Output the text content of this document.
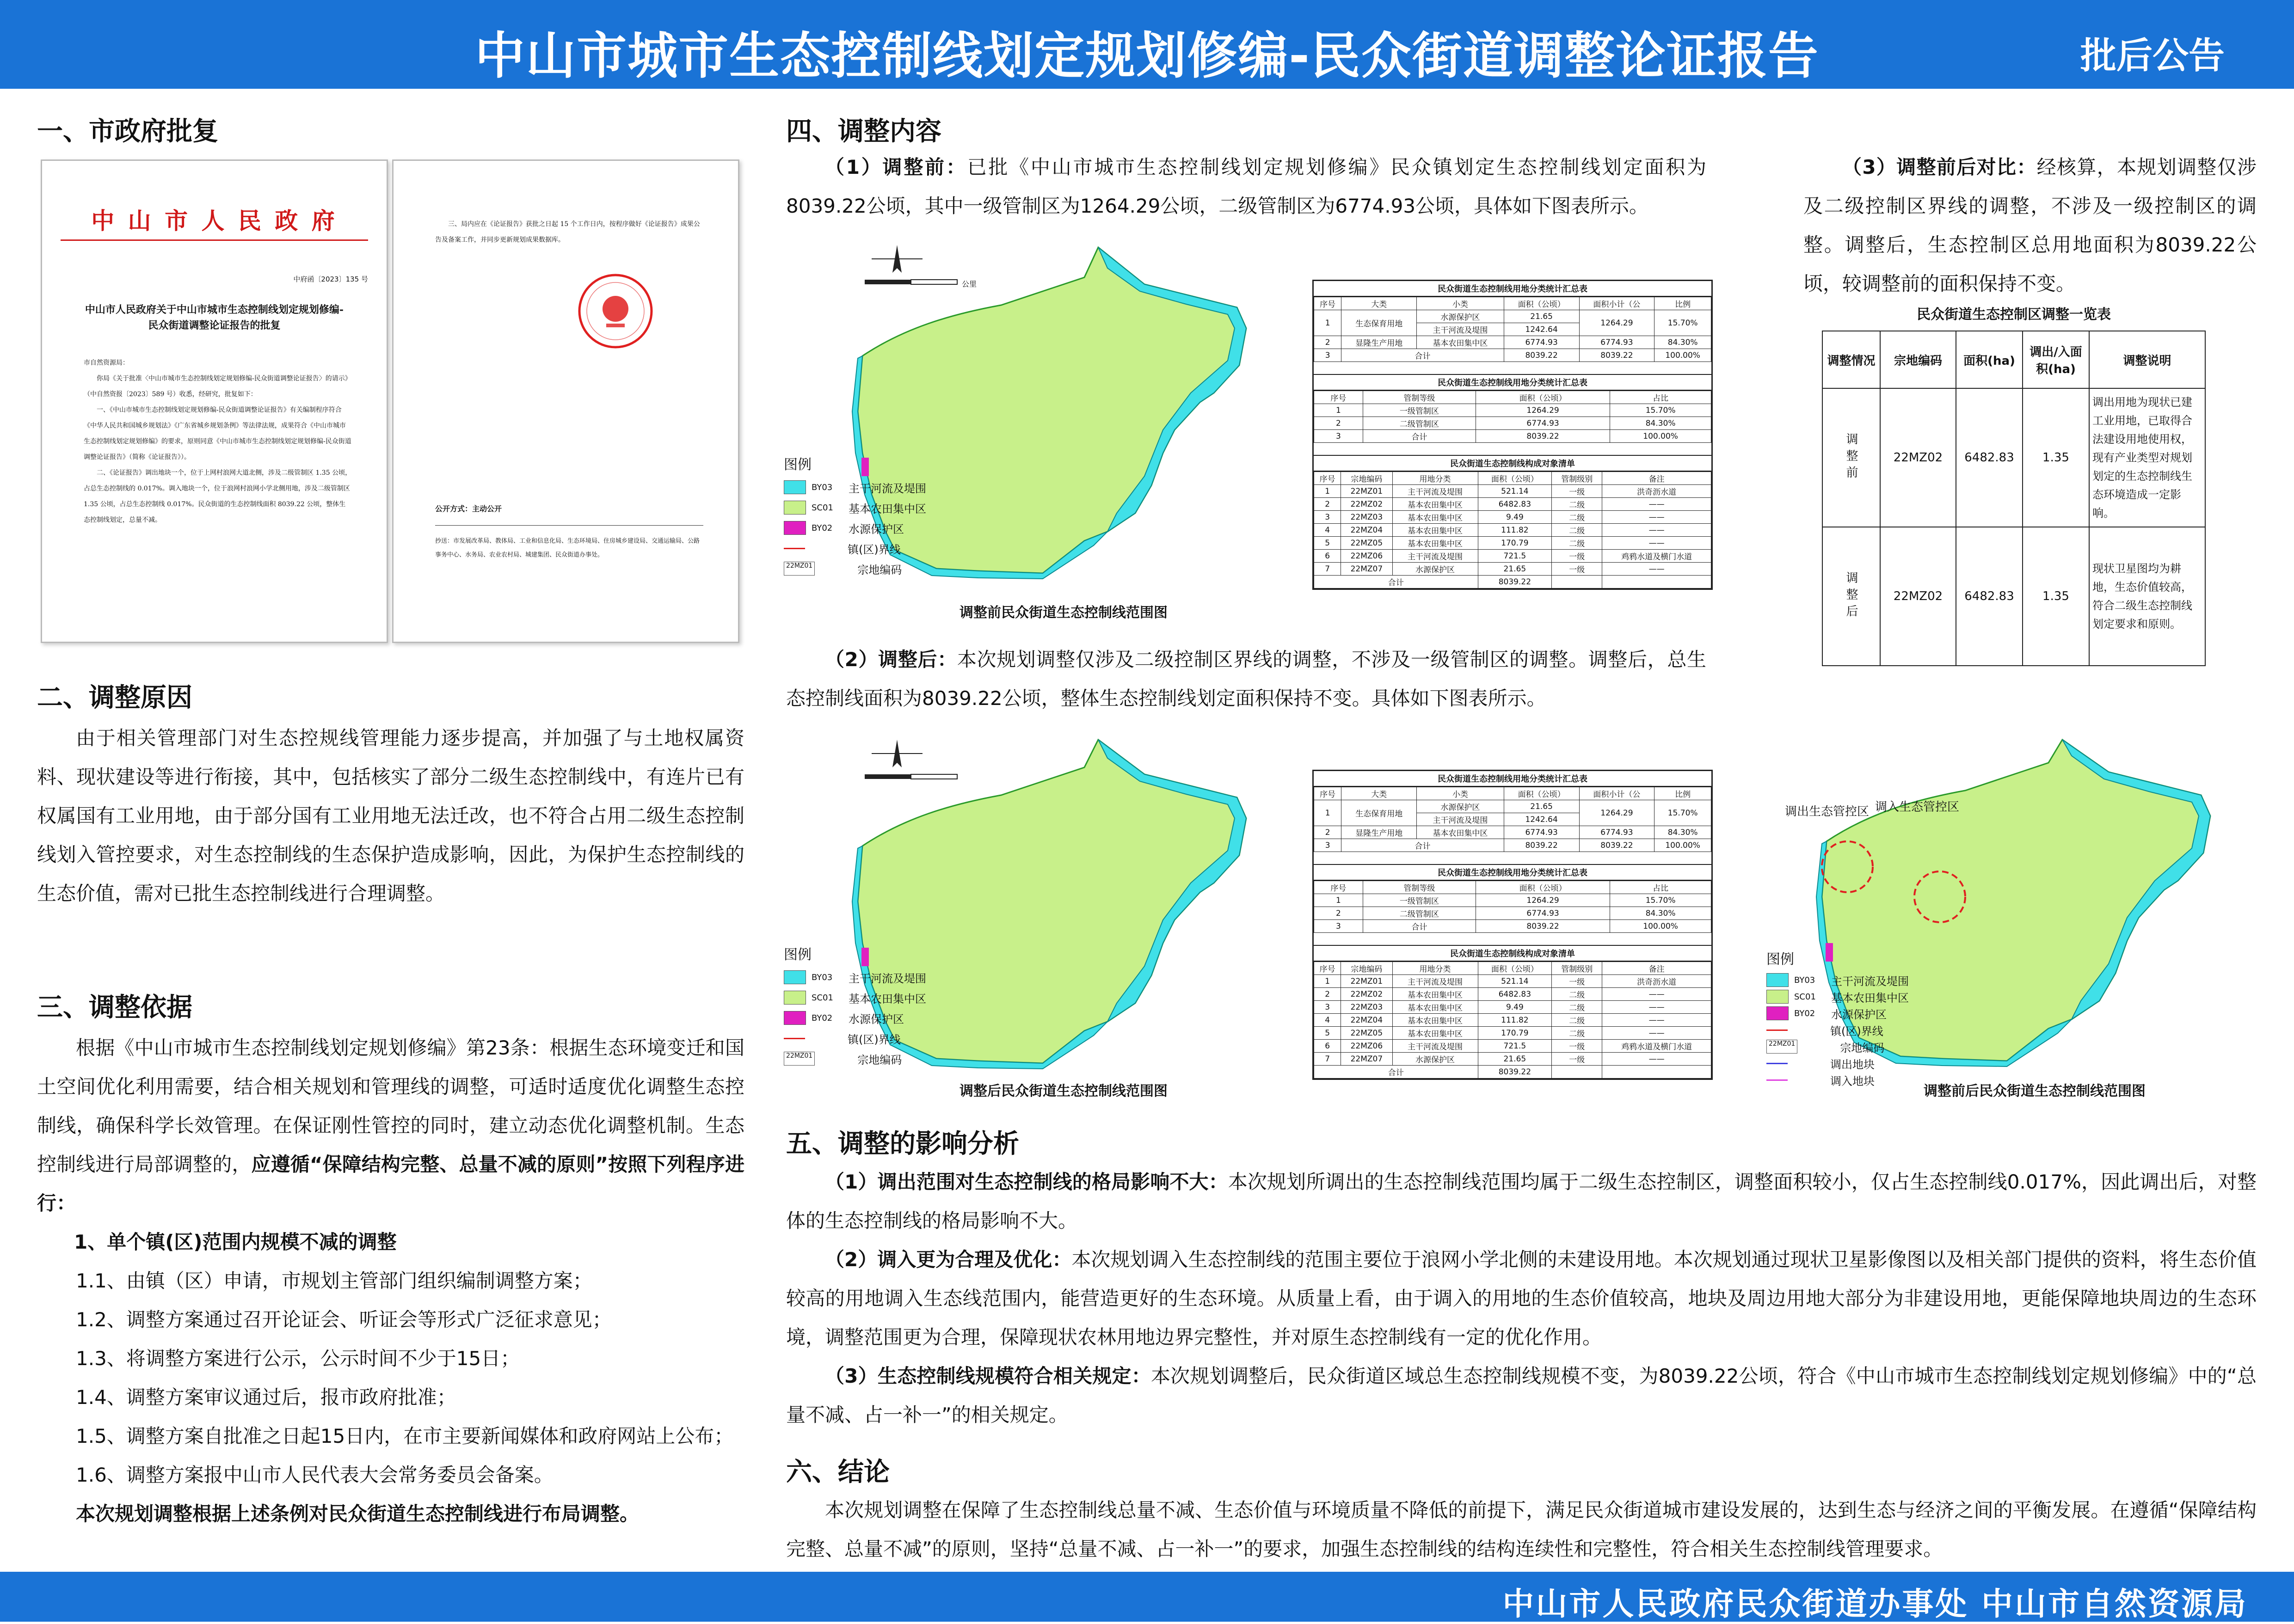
中山市城市生态控制线划定规划修编-民众街道调整论证报告	批后公告
一、市政府批复
中 山 市 人 民 政 府
中府函〔2023〕135 号
中山市人民政府关于中山市城市生态控制线划定规划修编-民众街道调整论证报告的批复
市自然资源局：
你局《关于批准〈中山市城市生态控制线划定规划修编-民众街道调整论证报告〉的请示》（中自然资报〔2023〕589 号）收悉，经研究，批复如下：
一、《中山市城市生态控制线划定规划修编-民众街道调整论证报告》有关编制程序符合《中华人民共和国城乡规划法》《广东省城乡规划条例》等法律法规，成果符合《中山市城市生态控制线划定规划修编》的要求，原则同意《中山市城市生态控制线划定规划修编-民众街道调整论证报告》（简称《论证报告》）。
二、《论证报告》调出地块一个，位于上网村浪网大道北侧，涉及二级管制区 1.35 公顷，占总生态控制线的 0.017%。调入地块一个，位于浪网村浪网小学北侧用地，涉及二级管制区 1.35 公顷，占总生态控制线 0.017%。民众街道的生态控制线面积 8039.22 公顷，整体生态控制线划定，总量不减。
三、局内应在《论证报告》获批之日起 15 个工作日内，按程序做好《论证报告》成果公告及备案工作，并同步更新规划成果数据库。
公开方式：主动公开
抄送：市发展改革局、教体局、工业和信息化局、生态环境局、住房城乡建设局、交通运输局、公路事务中心、水务局、农业农村局、城建集团、民众街道办事处。
二、调整原因

由于相关管理部门对生态控规线管理能力逐步提高，并加强了与土地权属资料、现状建设等进行衔接，其中，包括核实了部分二级生态控制线中，有连片已有权属国有工业用地，由于部分国有工业用地无法迁改，也不符合占用二级生态控制线划入管控要求，对生态控制线的生态保护造成影响，因此，为保护生态控制线的生态价值，需对已批生态控制线进行合理调整。

三、调整依据

根据《中山市城市生态控制线划定规划修编》第23条：根据生态环境变迁和国土空间优化利用需要，结合相关规划和管理线的调整，可适时适度优化调整生态控制线，确保科学长效管理。在保证刚性管控的同时，建立动态优化调整机制。生态控制线进行局部调整的，应遵循“保障结构完整、总量不减的原则”按照下列程序进行：

1、单个镇(区)范围内规模不减的调整

1.1、由镇（区）申请，市规划主管部门组织编制调整方案；

1.2、调整方案通过召开论证会、听证会等形式广泛征求意见；

1.3、将调整方案进行公示，公示时间不少于15日；

1.4、调整方案审议通过后，报市政府批准；

1.5、调整方案自批准之日起15日内，在市主要新闻媒体和政府网站上公布；

1.6、调整方案报中山市人民代表大会常务委员会备案。

本次规划调整根据上述条例对民众街道生态控制线进行布局调整。

四、调整内容

（1）调整前：已批《中山市城市生态控制线划定规划修编》民众镇划定生态控制线划定面积为8039.22公顷，其中一级管制区为1264.29公顷，二级管制区为6774.93公顷，具体如下图表所示。

公里
图例
BY03	主干河流及堤围
SC01	基本农田集中区
BY02	水源保护区
镇(区)界线
22MZ01	宗地编码
调整前民众街道生态控制线范围图
民众街道生态控制线用地分类统计汇总表
序号	大类	小类	面积（公顷）	面积小计（公	比例
1	生态保育用地	水源保护区	21.65	1264.29	15.70%
		主干河流及堤围	1242.64		
2	显隆生产用地	基本农田集中区	6774.93	6774.93	84.30%
3	合计		8039.22	8039.22	100.00%
民众街道生态控制线用地分类统计汇总表
序号	管制等级	面积（公顷）	占比
1	一级管制区	1264.29	15.70%
2	二级管制区	6774.93	84.30%
3	合计	8039.22	100.00%
民众街道生态控制线构成对象清单
序号	宗地编码	用地分类	面积（公顷）	管制级别	备注
1	22MZ01	主干河流及堤围	521.14	一级	洪奇沥水道
2	22MZ02	基本农田集中区	6482.83	二级	——
3	22MZ03	基本农田集中区	9.49	二级	——
4	22MZ04	基本农田集中区	111.82	二级	——
5	22MZ05	基本农田集中区	170.79	二级	——
6	22MZ06	主干河流及堤围	721.5	一级	鸡鸦水道及横门水道
7	22MZ07	水源保护区	21.65	一级	——
合计			8039.22		

（2）调整后：本次规划调整仅涉及二级控制区界线的调整，不涉及一级管制区的调整。调整后，总生态控制线面积为8039.22公顷，整体生态控制线划定面积保持不变。具体如下图表所示。

图例
BY03	主干河流及堤围
SC01	基本农田集中区
BY02	水源保护区
镇(区)界线
22MZ01	宗地编码
调整后民众街道生态控制线范围图
民众街道生态控制线用地分类统计汇总表
序号	大类	小类	面积（公顷）	面积小计（公	比例
1	生态保育用地	水源保护区	21.65	1264.29	15.70%
		主干河流及堤围	1242.64		
2	显隆生产用地	基本农田集中区	6774.93	6774.93	84.30%
3	合计		8039.22	8039.22	100.00%
民众街道生态控制线用地分类统计汇总表
序号	管制等级	面积（公顷）	占比
1	一级管制区	1264.29	15.70%
2	二级管制区	6774.93	84.30%
3	合计	8039.22	100.00%
民众街道生态控制线构成对象清单
序号	宗地编码	用地分类	面积（公顷）	管制级别	备注
1	22MZ01	主干河流及堤围	521.14	一级	洪奇沥水道
2	22MZ02	基本农田集中区	6482.83	二级	——
3	22MZ03	基本农田集中区	9.49	二级	——
4	22MZ04	基本农田集中区	111.82	二级	——
5	22MZ05	基本农田集中区	170.79	二级	——
6	22MZ06	主干河流及堤围	721.5	一级	鸡鸦水道及横门水道
7	22MZ07	水源保护区	21.65	一级	——
合计			8039.22		

（3）调整前后对比：经核算，本规划调整仅涉及二级控制区界线的调整，不涉及一级控制区的调整。调整后，生态控制区总用地面积为8039.22公顷，较调整前的面积保持不变。

民众街道生态控制区调整一览表
调整情况	宗地编码	面积(ha)	调出/入面积(ha)	调整说明
调整前	22MZ02	6482.83	1.35	调出用地为现状已建工业用地，已取得合法建设用地使用权，现有产业类型对规划划定的生态控制线生态环境造成一定影响。
调整后	22MZ02	6482.83	1.35	现状卫星图均为耕地，生态价值较高，符合二级生态控制线划定要求和原则。
调出生态管控区 调入生态管控区
图例
BY03	主干河流及堤围
SC01	基本农田集中区
BY02	水源保护区
镇(区)界线
22MZ01	宗地编码
调出地块
调入地块
调整前后民众街道生态控制线范围图
五、调整的影响分析

（1）调出范围对生态控制线的格局影响不大：本次规划所调出的生态控制线范围均属于二级生态控制区，调整面积较小，仅占生态控制线0.017%，因此调出后，对整体的生态控制线的格局影响不大。

（2）调入更为合理及优化：本次规划调入生态控制线的范围主要位于浪网小学北侧的未建设用地。本次规划通过现状卫星影像图以及相关部门提供的资料，将生态价值较高的用地调入生态线范围内，能营造更好的生态环境。从质量上看，由于调入的用地的生态价值较高，地块及周边用地大部分为非建设用地，更能保障地块周边的生态环境，调整范围更为合理，保障现状农林用地边界完整性，并对原生态控制线有一定的优化作用。

（3）生态控制线规模符合相关规定：本次规划调整后，民众街道区域总生态控制线规模不变，为8039.22公顷，符合《中山市城市生态控制线划定规划修编》中的“总量不减、占一补一”的相关规定。

六、结论

本次规划调整在保障了生态控制线总量不减、生态价值与环境质量不降低的前提下，满足民众街道城市建设发展的，达到生态与经济之间的平衡发展。在遵循“保障结构完整、总量不减”的原则，坚持“总量不减、占一补一”的要求，加强生态控制线的结构连续性和完整性，符合相关生态控制线管理要求。

中山市人民政府民众街道办事处 中山市自然资源局
